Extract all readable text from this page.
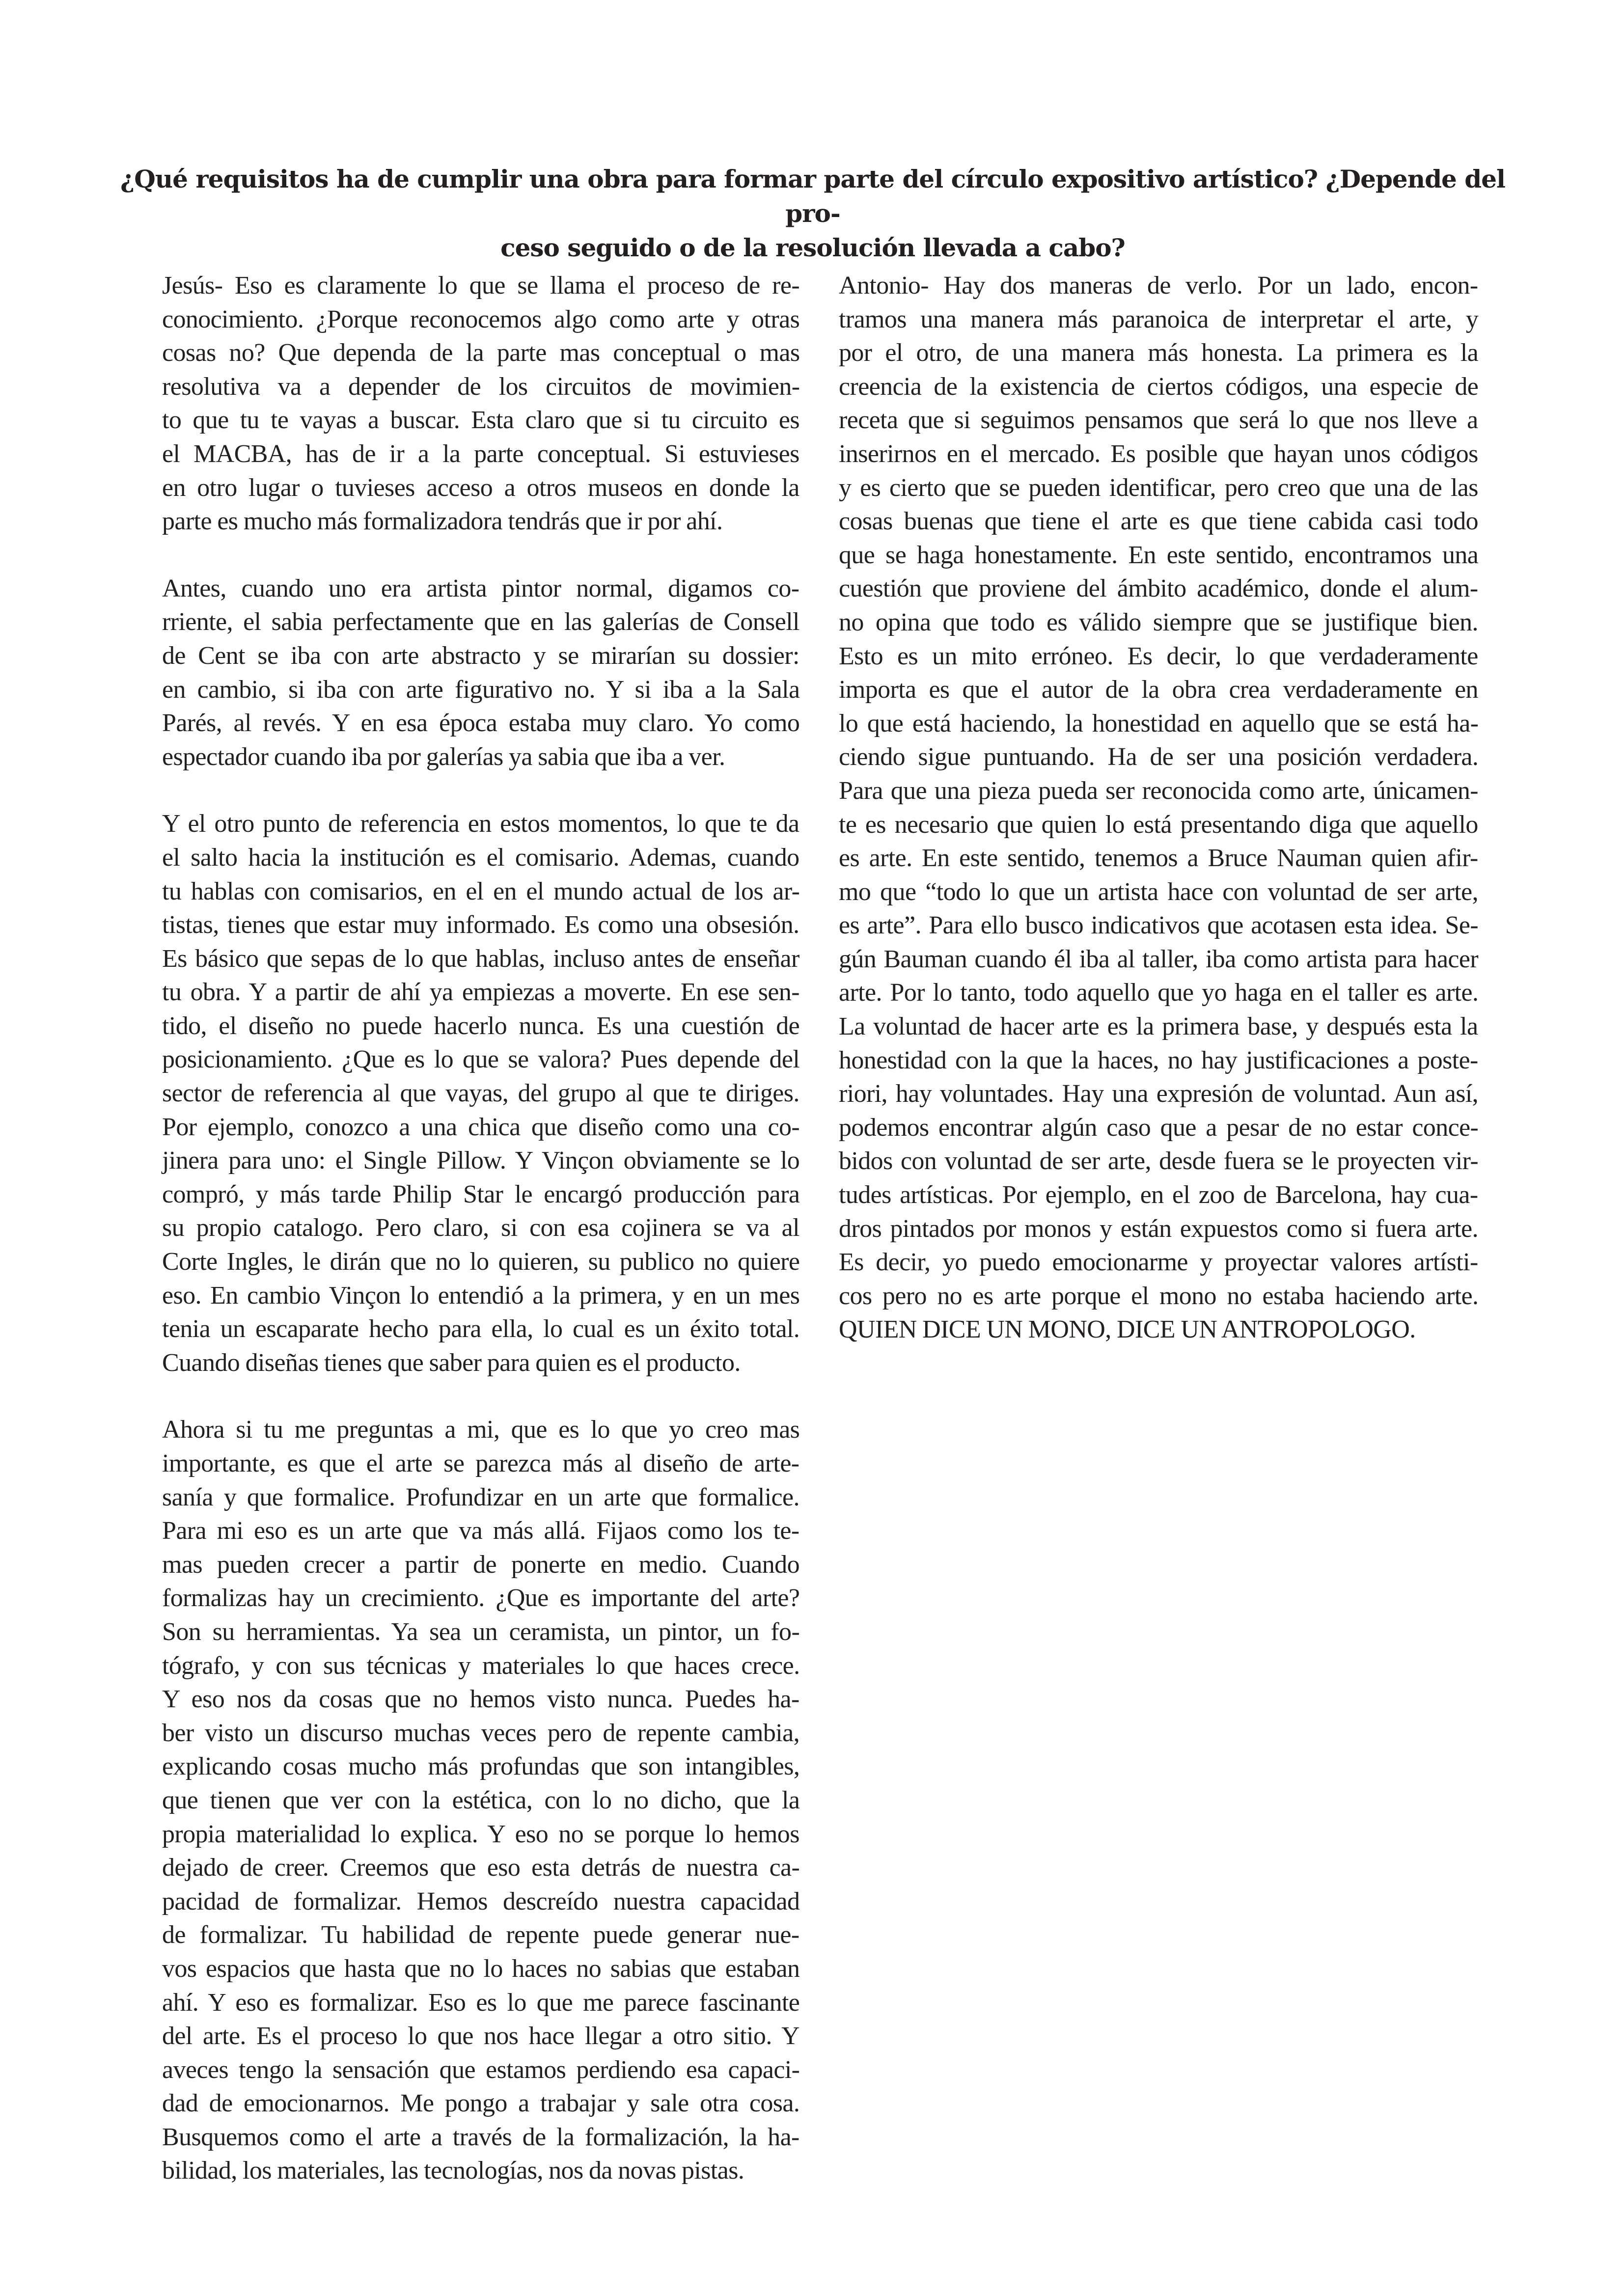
¿Qué requisitos ha de cumplir una obra para formar parte del círculo expositivo artístico? ¿Depende del pro-
ceso seguido o de la resolución llevada a cabo?

Jesús- Eso es claramente lo que se llama el proceso de re-
conocimiento. ¿Porque reconocemos algo como arte y otras
cosas no? Que dependa de la parte mas conceptual o mas
resolutiva va a depender de los circuitos de movimien-
to que tu te vayas a buscar. Esta claro que si tu circuito es
el MACBA, has de ir a la parte conceptual. Si estuvieses
en otro lugar o tuvieses acceso a otros museos en donde la
parte es mucho más formalizadora tendrás que ir por ahí.

Antes, cuando uno era artista pintor normal, digamos co-
rriente, el sabia perfectamente que en las galerías de Consell
de Cent se iba con arte abstracto y se mirarían su dossier:
en cambio, si iba con arte figurativo no. Y si iba a la Sala
Parés, al revés. Y en esa época estaba muy claro. Yo como
espectador cuando iba por galerías ya sabia que iba a ver.

Y el otro punto de referencia en estos momentos, lo que te da
el salto hacia la institución es el comisario. Ademas, cuando
tu hablas con comisarios, en el en el mundo actual de los ar-
tistas, tienes que estar muy informado. Es como una obsesión.
Es básico que sepas de lo que hablas, incluso antes de enseñar
tu obra. Y a partir de ahí ya empiezas a moverte. En ese sen-
tido, el diseño no puede hacerlo nunca. Es una cuestión de
posicionamiento. ¿Que es lo que se valora? Pues depende del
sector de referencia al que vayas, del grupo al que te diriges.
Por ejemplo, conozco a una chica que diseño como una co-
jinera para uno: el Single Pillow. Y Vinçon obviamente se lo
compró, y más tarde Philip Star le encargó producción para
su propio catalogo. Pero claro, si con esa cojinera se va al
Corte Ingles, le dirán que no lo quieren, su publico no quiere
eso. En cambio Vinçon lo entendió a la primera, y en un mes
tenia un escaparate hecho para ella, lo cual es un éxito total.
Cuando diseñas tienes que saber para quien es el producto.

Ahora si tu me preguntas a mi, que es lo que yo creo mas
importante, es que el arte se parezca más al diseño de arte-
sanía y que formalice. Profundizar en un arte que formalice.
Para mi eso es un arte que va más allá. Fijaos como los te-
mas pueden crecer a partir de ponerte en medio. Cuando
formalizas hay un crecimiento. ¿Que es importante del arte?
Son su herramientas. Ya sea un ceramista, un pintor, un fo-
tógrafo, y con sus técnicas y materiales lo que haces crece.
Y eso nos da cosas que no hemos visto nunca. Puedes ha-
ber visto un discurso muchas veces pero de repente cambia,
explicando cosas mucho más profundas que son intangibles,
que tienen que ver con la estética, con lo no dicho, que la
propia materialidad lo explica. Y eso no se porque lo hemos
dejado de creer. Creemos que eso esta detrás de nuestra ca-
pacidad de formalizar. Hemos descreído nuestra capacidad
de formalizar. Tu habilidad de repente puede generar nue-
vos espacios que hasta que no lo haces no sabias que estaban
ahí. Y eso es formalizar. Eso es lo que me parece fascinante
del arte. Es el proceso lo que nos hace llegar a otro sitio. Y
aveces tengo la sensación que estamos perdiendo esa capaci-
dad de emocionarnos. Me pongo a trabajar y sale otra cosa.
Busquemos como el arte a través de la formalización, la ha-
bilidad, los materiales, las tecnologías, nos da novas pistas.

Antonio- Hay dos maneras de verlo. Por un lado, encon-
tramos una manera más paranoica de interpretar el arte, y
por el otro, de una manera más honesta. La primera es la
creencia de la existencia de ciertos códigos, una especie de
receta que si seguimos pensamos que será lo que nos lleve a
inserirnos en el mercado. Es posible que hayan unos códigos
y es cierto que se pueden identificar, pero creo que una de las
cosas buenas que tiene el arte es que tiene cabida casi todo
que se haga honestamente. En este sentido, encontramos una
cuestión que proviene del ámbito académico, donde el alum-
no opina que todo es válido siempre que se justifique bien.
Esto es un mito erróneo. Es decir, lo que verdaderamente
importa es que el autor de la obra crea verdaderamente en
lo que está haciendo, la honestidad en aquello que se está ha-
ciendo sigue puntuando. Ha de ser una posición verdadera.
Para que una pieza pueda ser reconocida como arte, únicamen-
te es necesario que quien lo está presentando diga que aquello
es arte. En este sentido, tenemos a Bruce Nauman quien afir-
mo que “todo lo que un artista hace con voluntad de ser arte,
es arte”. Para ello busco indicativos que acotasen esta idea. Se-
gún Bauman cuando él iba al taller, iba como artista para hacer
arte. Por lo tanto, todo aquello que yo haga en el taller es arte.
La voluntad de hacer arte es la primera base, y después esta la
honestidad con la que la haces, no hay justificaciones a poste-
riori, hay voluntades. Hay una expresión de voluntad. Aun así,
podemos encontrar algún caso que a pesar de no estar conce-
bidos con voluntad de ser arte, desde fuera se le proyecten vir-
tudes artísticas. Por ejemplo, en el zoo de Barcelona, hay cua-
dros pintados por monos y están expuestos como si fuera arte.
Es decir, yo puedo emocionarme y proyectar valores artísti-
cos pero no es arte porque el mono no estaba haciendo arte.
QUIEN DICE UN MONO, DICE UN ANTROPOLOGO.
